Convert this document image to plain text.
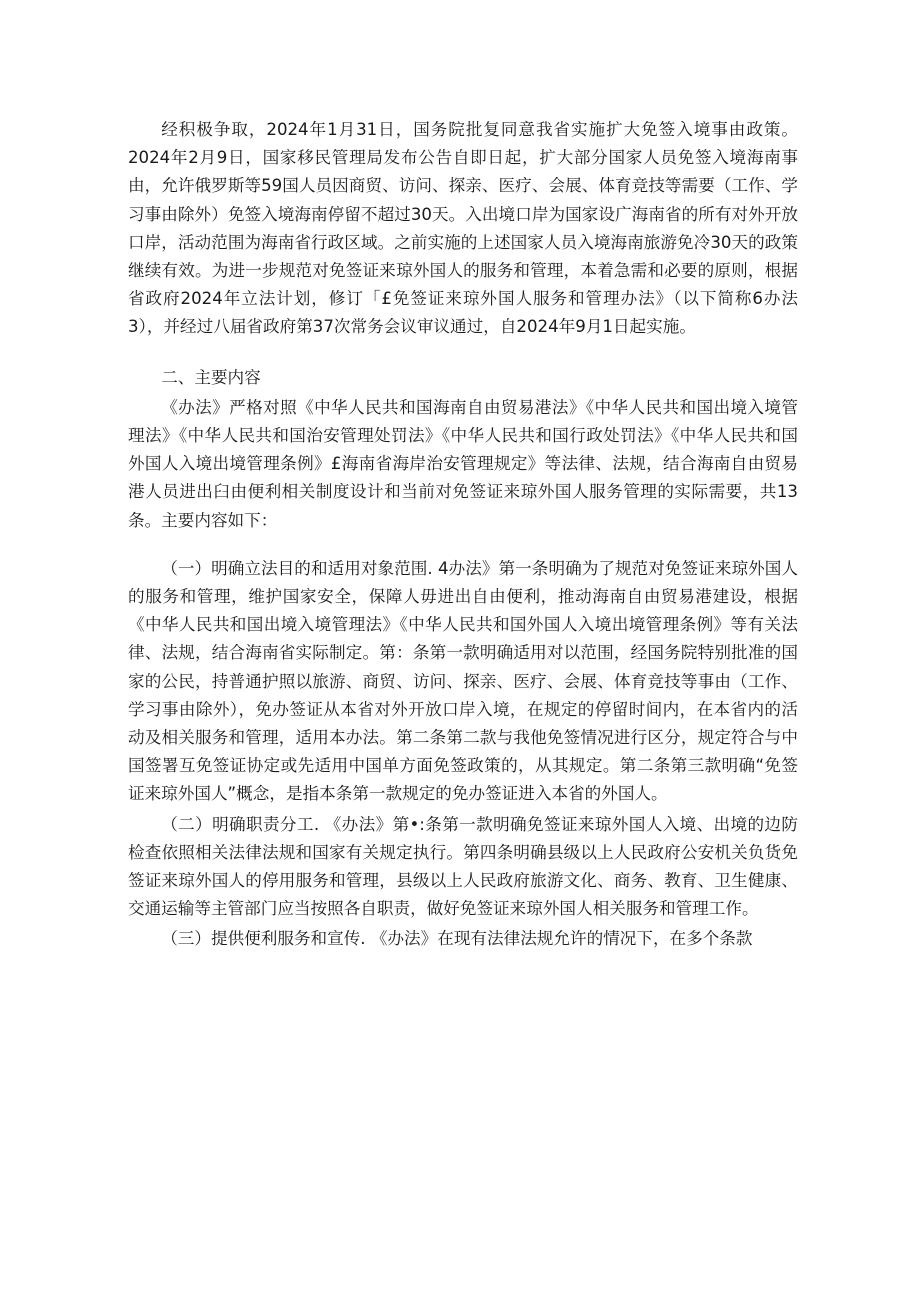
经积极争取，2024年1月31日，国务院批复同意我省实施扩大免签入境事由政策。2024年2月9日，国家移民管理局发布公告自即日起，扩大部分国家人员免签入境海南事由，允许俄罗斯等59国人员因商贸、访问、探亲、医疗、会展、体育竞技等需要（工作、学习事由除外）免签入境海南停留不超过30天。入出境口岸为国家设广海南省的所有对外开放口岸，活动范围为海南省行政区域。之前实施的上述国家人员入境海南旅游免冷30天的政策继续有效。为进一步规范对免签证来琼外国人的服务和管理，本着急需和必要的原则，根据省政府2024年立法计划，修订「£免签证来琼外国人服务和管理办法》（以下简称6办法3），并经过八届省政府第37次常务会议审议通过，自2024年9月1日起实施。

二、主要内容

《办法》严格对照《中华人民共和国海南自由贸易港法》《中华人民共和国出境入境管理法》《中华人民共和国治安管理处罚法》《中华人民共和国行政处罚法》《中华人民共和国外国人入境出境管理条例》£海南省海岸治安管理规定》等法律、法规，结合海南自由贸易港人员进出臼由便利相关制度设计和当前对免签证来琼外国人服务管理的实际需要，共13条。主要内容如下：

（一）明确立法目的和适用对象范围. 4办法》第一条明确为了规范对免签证来琼外国人的服务和管理，维护国家安全，保障人毋进出自由便利，推动海南自由贸易港建设，根据《中华人民共和国出境入境管理法》《中华人民共和国外国人入境出境管理条例》等有关法律、法规，结合海南省实际制定。第：条第一款明确适用对以范围，经国务院特别批准的国家的公民，持普通护照以旅游、商贸、访问、探亲、医疗、会展、体育竞技等事由（工作、学习事由除外），免办签证从本省对外开放口岸入境，在规定的停留时间内，在本省内的活动及相关服务和管理，适用本办法。第二条第二款与我他免签情况进行区分，规定符合与中国签署互免签证协定或先适用中国单方面免签政策的，从其规定。第二条第三款明确“免签证来琼外国人”概念，是指本条第一款规定的免办签证进入本省的外国人。

（二）明确职责分工. 《办法》第•:条第一款明确免签证来琼外国人入境、出境的边防检查依照相关法律法规和国家有关规定执行。第四条明确县级以上人民政府公安机关负货免签证来琼外国人的停用服务和管理，县级以上人民政府旅游文化、商务、教育、卫生健康、交通运输等主管部门应当按照各自职责，做好免签证来琼外国人相关服务和管理工作。

（三）提供便利服务和宣传. 《办法》在现有法律法规允许的情况下，在多个条款
